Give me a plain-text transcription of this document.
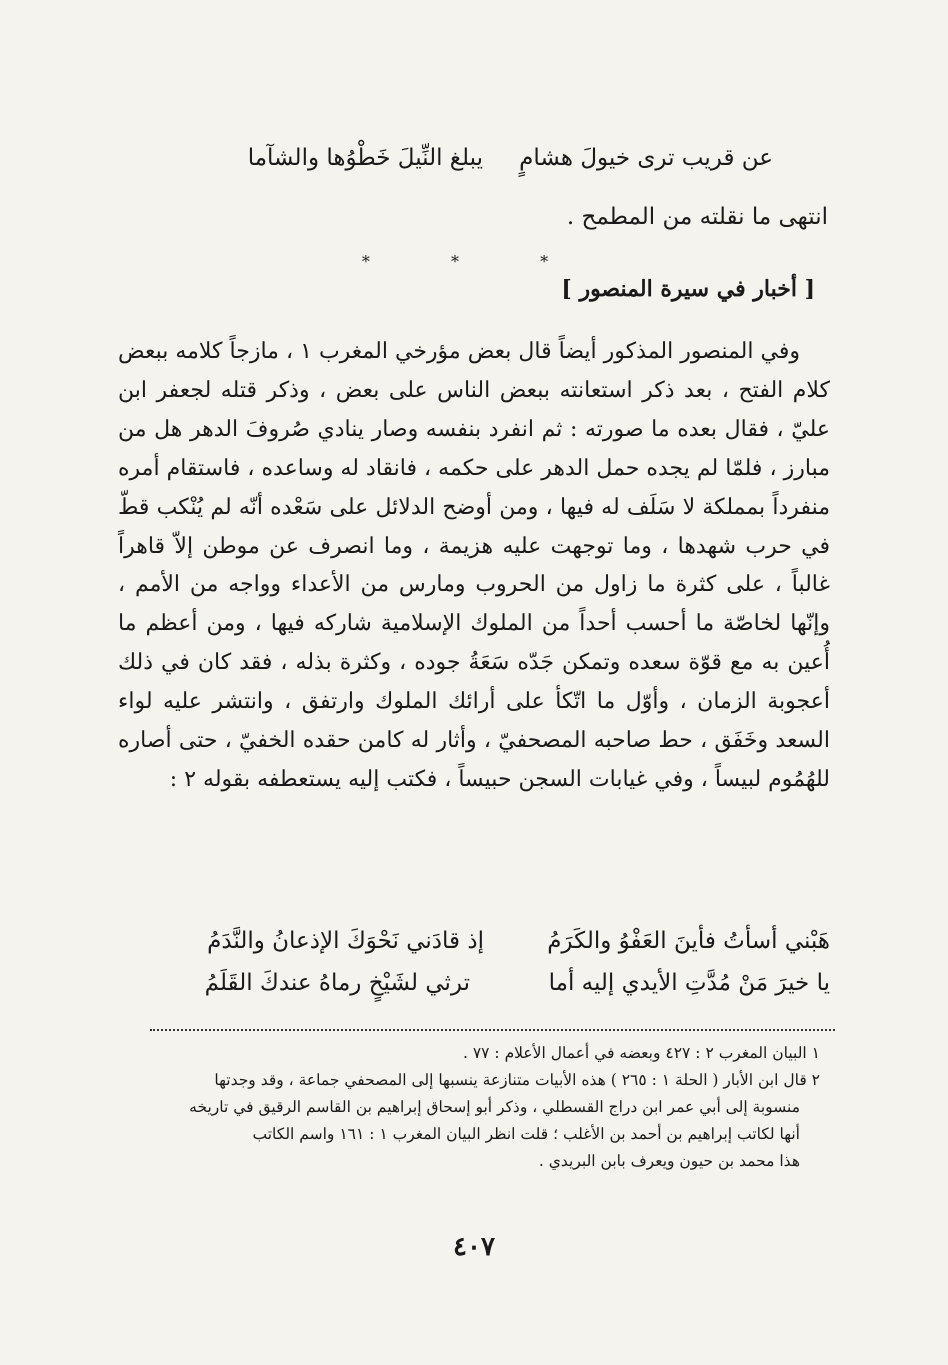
عن قريب ترى خيولَ هشامٍ
يبلغ النِّيلَ خَطْوُها والشآما
انتهى ما نقلته من المطمح .
* * *
[ أخبار في سيرة المنصور ]

وفي المنصور المذكور أيضاً قال بعض مؤرخي المغرب ١ ، مازجاً كلامه ببعض كلام الفتح ، بعد ذكر استعانته ببعض الناس على بعض ، وذكر قتله لجعفر ابن عليّ ، فقال بعده ما صورته : ثم انفرد بنفسه وصار ينادي صُروفَ الدهر هل من مبارز ، فلمّا لم يجده حمل الدهر على حكمه ، فانقاد له وساعده ، فاستقام أمره منفرداً بمملكة لا سَلَف له فيها ، ومن أوضح الدلائل على سَعْده أنّه لم يُنْكب قطّ في حرب شهدها ، وما توجهت عليه هزيمة ، وما انصرف عن موطن إلاّ قاهراً غالباً ، على كثرة ما زاول من الحروب ومارس من الأعداء وواجه من الأمم ، وإنّها لخاصّة ما أحسب أحداً من الملوك الإسلامية شاركه فيها ، ومن أعظم ما أُعين به مع قوّة سعده وتمكن جَدّه سَعَةُ جوده ، وكثرة بذله ، فقد كان في ذلك أعجوبة الزمان ، وأوّل ما اتّكأ على أرائك الملوك وارتفق ، وانتشر عليه لواء السعد وخَفَق ، حط صاحبه المصحفيّ ، وأثار له كامن حقده الخفيّ ، حتى أصاره للهُمُوم لبيساً ، وفي غيابات السجن حبيساً ، فكتب إليه يستعطفه بقوله ٢ :

هَبْني أسأتُ فأينَ العَفْوُ والكَرَمُ
إذ قادَني نَحْوَكَ الإذعانُ والنَّدَمُ
يا خيرَ مَنْ مُدَّتِ الأيدي إليه أما
ترثي لشَيْخٍ رماهُ عندكَ القَلَمُ

١ البيان المغرب ٢ : ٤٢٧ وبعضه في أعمال الأعلام : ٧٧ .

٢ قال ابن الأبار ( الحلة ١ : ٢٦٥ ) هذه الأبيات متنازعة ينسبها إلى المصحفي جماعة ، وقد وجدتها

منسوبة إلى أبي عمر ابن دراج القسطلي ، وذكر أبو إسحاق إبراهيم بن القاسم الرقيق في تاريخه

أنها لكاتب إبراهيم بن أحمد بن الأغلب ؛ قلت انظر البيان المغرب ١ : ١٦١ واسم الكاتب

هذا محمد بن حيون ويعرف بابن البريدي .

٤٠٧
